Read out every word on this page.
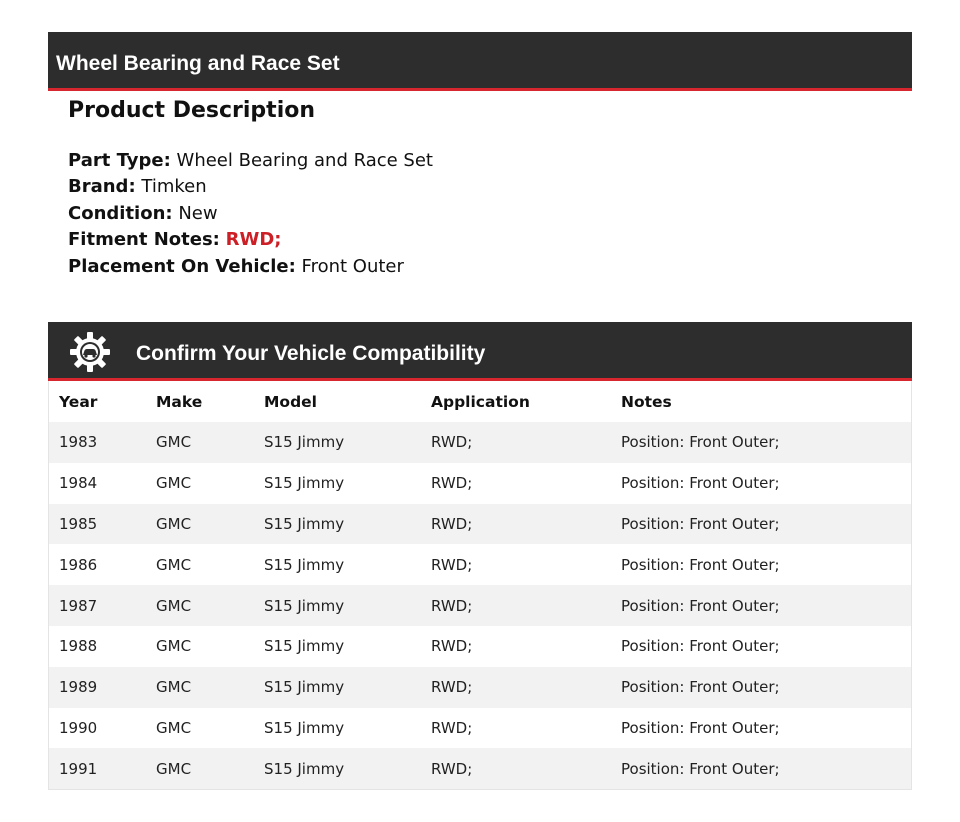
Wheel Bearing and Race Set
Product Description
Part Type: Wheel Bearing and Race Set
Brand: Timken
Condition: New
Fitment Notes: RWD;
Placement On Vehicle: Front Outer
Confirm Your Vehicle Compatibility
Year	Make	Model	Application	Notes
1983	GMC	S15 Jimmy	RWD;	Position: Front Outer;
1984	GMC	S15 Jimmy	RWD;	Position: Front Outer;
1985	GMC	S15 Jimmy	RWD;	Position: Front Outer;
1986	GMC	S15 Jimmy	RWD;	Position: Front Outer;
1987	GMC	S15 Jimmy	RWD;	Position: Front Outer;
1988	GMC	S15 Jimmy	RWD;	Position: Front Outer;
1989	GMC	S15 Jimmy	RWD;	Position: Front Outer;
1990	GMC	S15 Jimmy	RWD;	Position: Front Outer;
1991	GMC	S15 Jimmy	RWD;	Position: Front Outer;
